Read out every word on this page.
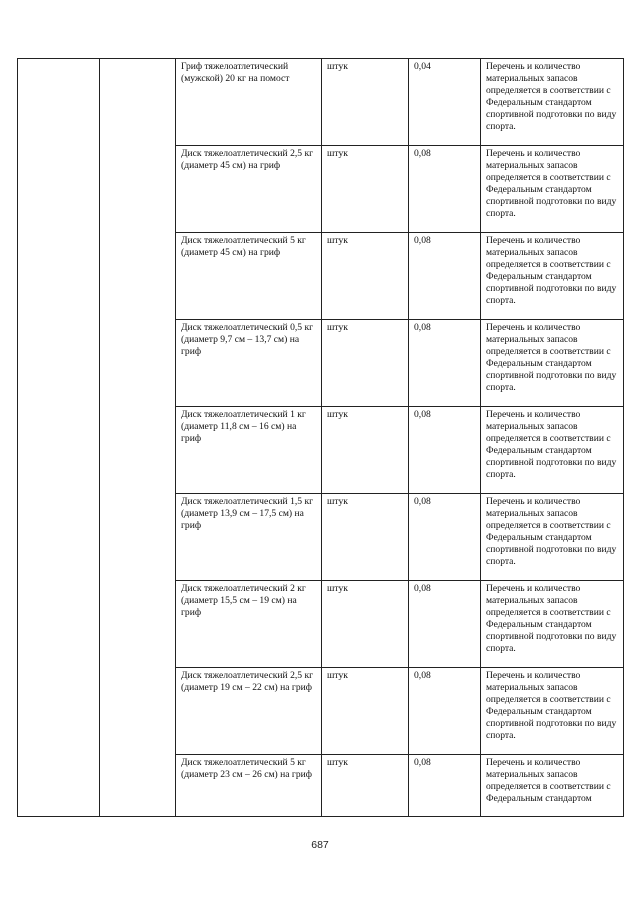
		Гриф тяжелоатлетический (мужской) 20 кг на помост	штук	0,04	Перечень и количество материальных запасов определяется в соответствии с Федеральным стандартом спортивной подготовки по виду спорта.

		Диск тяжелоатлетический 2,5 кг (диаметр 45 см) на гриф	штук	0,08	Перечень и количество материальных запасов определяется в соответствии с Федеральным стандартом спортивной подготовки по виду спорта.

		Диск тяжелоатлетический 5 кг (диаметр 45 см) на гриф	штук	0,08	Перечень и количество материальных запасов определяется в соответствии с Федеральным стандартом спортивной подготовки по виду спорта.

		Диск тяжелоатлетический 0,5 кг (диаметр 9,7 см – 13,7 см) на гриф	штук	0,08	Перечень и количество материальных запасов определяется в соответствии с Федеральным стандартом спортивной подготовки по виду спорта.

		Диск тяжелоатлетический 1 кг (диаметр 11,8 см – 16 см) на гриф	штук	0,08	Перечень и количество материальных запасов определяется в соответствии с Федеральным стандартом спортивной подготовки по виду спорта.

		Диск тяжелоатлетический 1,5 кг (диаметр 13,9 см – 17,5 см) на гриф	штук	0,08	Перечень и количество материальных запасов определяется в соответствии с Федеральным стандартом спортивной подготовки по виду спорта.

		Диск тяжелоатлетический 2 кг (диаметр 15,5 см – 19 см) на гриф	штук	0,08	Перечень и количество материальных запасов определяется в соответствии с Федеральным стандартом спортивной подготовки по виду спорта.

		Диск тяжелоатлетический 2,5 кг (диаметр 19 см – 22 см) на гриф	штук	0,08	Перечень и количество материальных запасов определяется в соответствии с Федеральным стандартом спортивной подготовки по виду спорта.

		Диск тяжелоатлетический 5 кг (диаметр 23 см – 26 см) на гриф	штук	0,08	Перечень и количество материальных запасов определяется в соответствии с Федеральным стандартом
687
